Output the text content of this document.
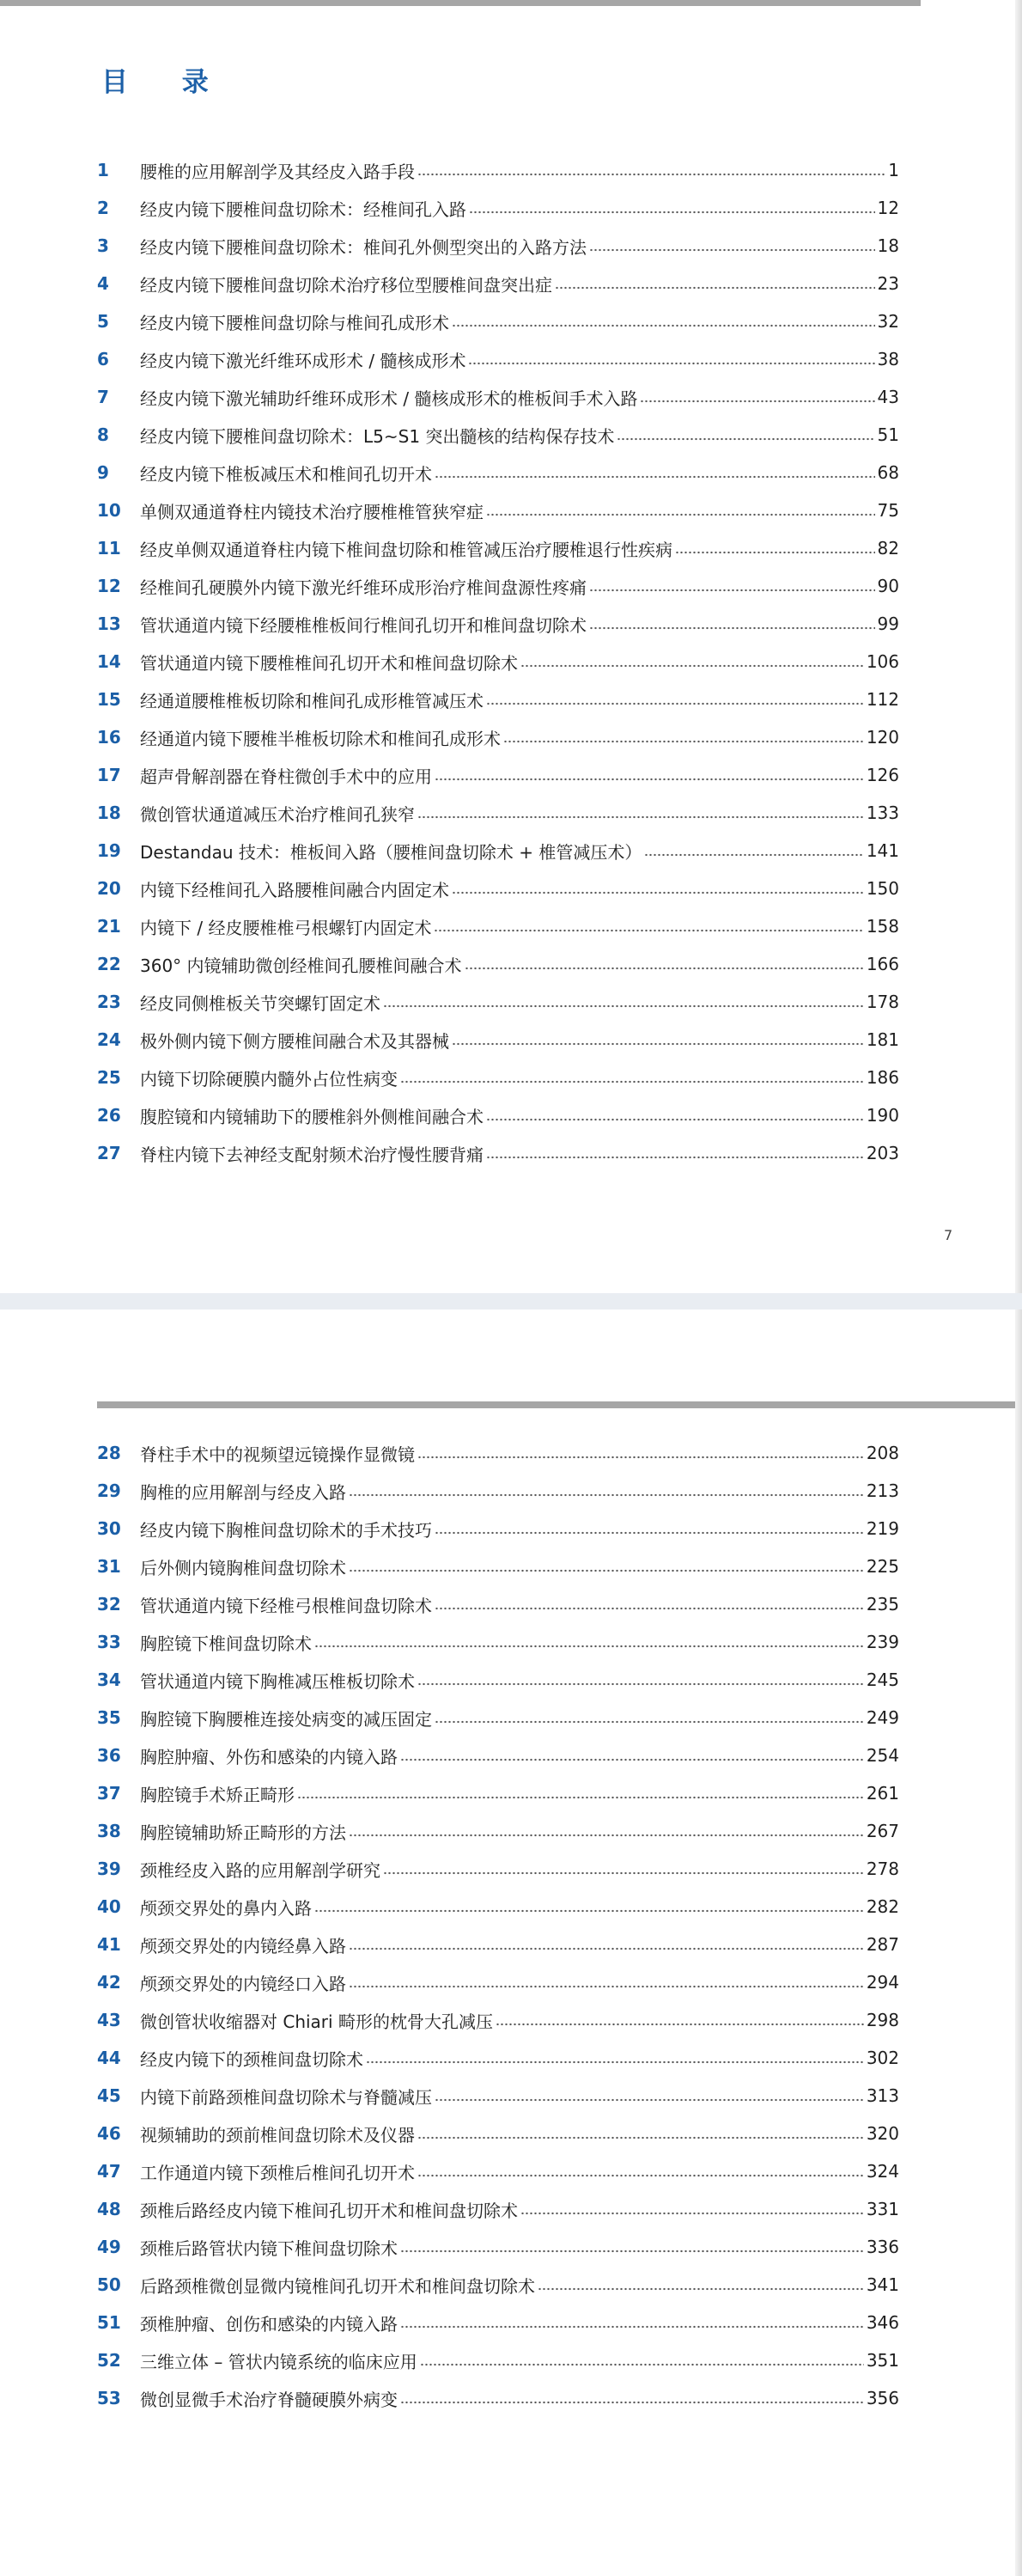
目 录
1	腰椎的应用解剖学及其经皮入路手段	1
2	经皮内镜下腰椎间盘切除术：经椎间孔入路	12
3	经皮内镜下腰椎间盘切除术：椎间孔外侧型突出的入路方法	18
4	经皮内镜下腰椎间盘切除术治疗移位型腰椎间盘突出症	23
5	经皮内镜下腰椎间盘切除与椎间孔成形术	32
6	经皮内镜下激光纤维环成形术 / 髓核成形术	38
7	经皮内镜下激光辅助纤维环成形术 / 髓核成形术的椎板间手术入路	43
8	经皮内镜下腰椎间盘切除术：L5~S1 突出髓核的结构保存技术	51
9	经皮内镜下椎板减压术和椎间孔切开术	68
10	单侧双通道脊柱内镜技术治疗腰椎椎管狭窄症	75
11	经皮单侧双通道脊柱内镜下椎间盘切除和椎管减压治疗腰椎退行性疾病	82
12	经椎间孔硬膜外内镜下激光纤维环成形治疗椎间盘源性疼痛	90
13	管状通道内镜下经腰椎椎板间行椎间孔切开和椎间盘切除术	99
14	管状通道内镜下腰椎椎间孔切开术和椎间盘切除术	106
15	经通道腰椎椎板切除和椎间孔成形椎管减压术	112
16	经通道内镜下腰椎半椎板切除术和椎间孔成形术	120
17	超声骨解剖器在脊柱微创手术中的应用	126
18	微创管状通道减压术治疗椎间孔狭窄	133
19	Destandau 技术：椎板间入路（腰椎间盘切除术 + 椎管减压术）	141
20	内镜下经椎间孔入路腰椎间融合内固定术	150
21	内镜下 / 经皮腰椎椎弓根螺钉内固定术	158
22	360° 内镜辅助微创经椎间孔腰椎间融合术	166
23	经皮同侧椎板关节突螺钉固定术	178
24	极外侧内镜下侧方腰椎间融合术及其器械	181
25	内镜下切除硬膜内髓外占位性病变	186
26	腹腔镜和内镜辅助下的腰椎斜外侧椎间融合术	190
27	脊柱内镜下去神经支配射频术治疗慢性腰背痛	203
7
28	脊柱手术中的视频望远镜操作显微镜	208
29	胸椎的应用解剖与经皮入路	213
30	经皮内镜下胸椎间盘切除术的手术技巧	219
31	后外侧内镜胸椎间盘切除术	225
32	管状通道内镜下经椎弓根椎间盘切除术	235
33	胸腔镜下椎间盘切除术	239
34	管状通道内镜下胸椎减压椎板切除术	245
35	胸腔镜下胸腰椎连接处病变的减压固定	249
36	胸腔肿瘤、外伤和感染的内镜入路	254
37	胸腔镜手术矫正畸形	261
38	胸腔镜辅助矫正畸形的方法	267
39	颈椎经皮入路的应用解剖学研究	278
40	颅颈交界处的鼻内入路	282
41	颅颈交界处的内镜经鼻入路	287
42	颅颈交界处的内镜经口入路	294
43	微创管状收缩器对 Chiari 畸形的枕骨大孔减压	298
44	经皮内镜下的颈椎间盘切除术	302
45	内镜下前路颈椎间盘切除术与脊髓减压	313
46	视频辅助的颈前椎间盘切除术及仪器	320
47	工作通道内镜下颈椎后椎间孔切开术	324
48	颈椎后路经皮内镜下椎间孔切开术和椎间盘切除术	331
49	颈椎后路管状内镜下椎间盘切除术	336
50	后路颈椎微创显微内镜椎间孔切开术和椎间盘切除术	341
51	颈椎肿瘤、创伤和感染的内镜入路	346
52	三维立体 – 管状内镜系统的临床应用	351
53	微创显微手术治疗脊髓硬膜外病变	356
